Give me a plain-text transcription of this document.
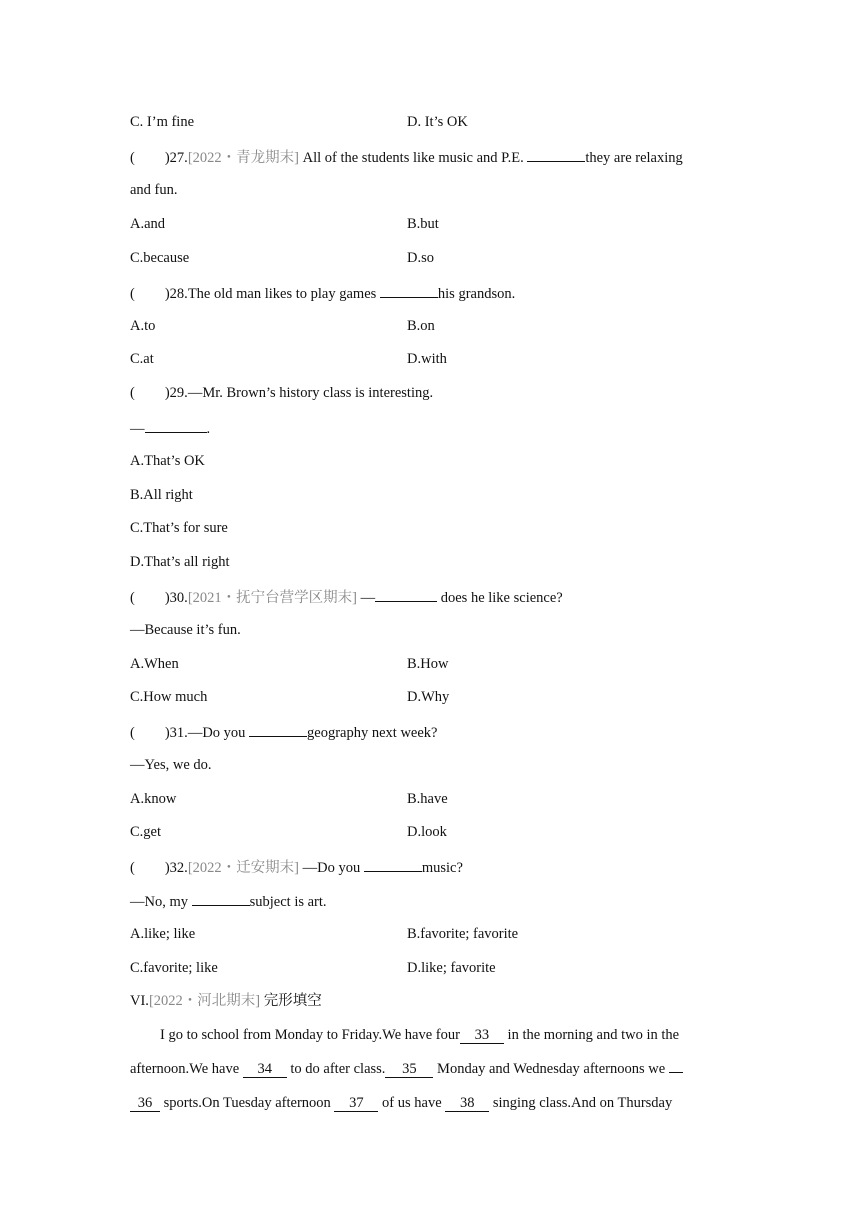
C. I’m fine	D. It’s OK
( )27.[2022・青龙期末] All of the students like music and P.E.	they are relaxing
and fun.
A.and	B.but
C.because	D.so
( )28.The old man likes to play games	his grandson.
A.to	B.on
C.at	D.with
( )29.—Mr. Brown’s history class is interesting.
—	.
A.That’s OK
B.All right
C.That’s for sure
D.That’s all right
( )30.[2021・抚宁台营学区期末] —	does he like science?
—Because it’s fun.
A.When	B.How
C.How much	D.Why
( )31.—Do you	geography next week?
—Yes, we do.
A.know	B.have
C.get	D.look
( )32.[2022・迁安期末] —Do you	music?
—No, my	subject is art.
A.like; like	B.favorite; favorite
C.favorite; like	D.like; favorite
VI.[2022・河北期末] 完形填空
I go to school from Monday to Friday.We have four 33 in the morning and two in the
afternoon.We have 34 to do after class. 35 Monday and Wednesday afternoons we
36 sports.On Tuesday afternoon 37 of us have 38 singing class.And on Thursday
